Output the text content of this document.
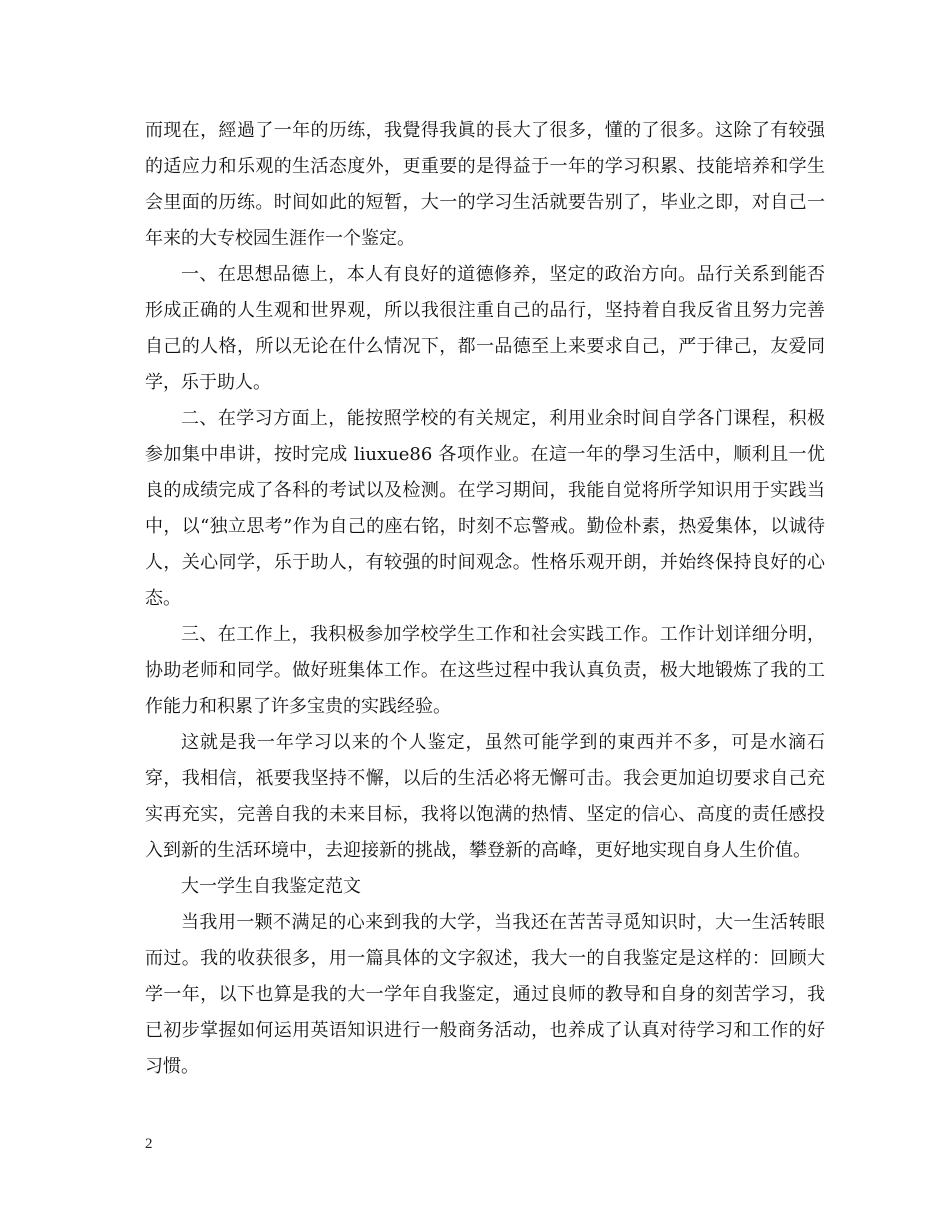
而现在，經過了一年的历练，我覺得我眞的長大了很多，懂的了很多。这除了有较强的适应力和乐观的生活态度外，更重要的是得益于一年的学习积累、技能培养和学生会里面的历练。时间如此的短暂，大一的学习生活就要告别了，毕业之即，对自己一年来的大专校园生涯作一个鉴定。

一、在思想品德上，本人有良好的道德修养，坚定的政治方向。品行关系到能否形成正确的人生观和世界观，所以我很注重自己的品行，坚持着自我反省且努力完善自己的人格，所以无论在什么情况下，都一品德至上来要求自己，严于律己，友爱同学，乐于助人。

二、在学习方面上，能按照学校的有关规定，利用业余时间自学各门课程，积极参加集中串讲，按时完成 liuxue86 各项作业。在這一年的學习生活中，顺利且一优良的成绩完成了各科的考试以及检测。在学习期间，我能自觉将所学知识用于实践当中，以“独立思考”作为自己的座右铭，时刻不忘警戒。勤俭朴素，热爱集体，以诚待人，关心同学，乐于助人，有较强的时间观念。性格乐观开朗，并始终保持良好的心态。

三、在工作上，我积极参加学校学生工作和社会实践工作。工作计划详细分明，协助老师和同学。做好班集体工作。在这些过程中我认真负责，极大地锻炼了我的工作能力和积累了许多宝贵的实践经验。

这就是我一年学习以来的个人鉴定，虽然可能学到的東西并不多，可是水滴石穿，我相信，祇要我坚持不懈，以后的生活必将无懈可击。我会更加迫切要求自己充实再充实，完善自我的未来目标，我将以饱满的热情、坚定的信心、高度的责任感投入到新的生活环境中，去迎接新的挑战，攀登新的高峰，更好地实现自身人生价值。

大一学生自我鉴定范文

当我用一颗不满足的心来到我的大学，当我还在苦苦寻觅知识时，大一生活转眼而过。我的收获很多，用一篇具体的文字叙述，我大一的自我鉴定是这样的：回顾大学一年，以下也算是我的大一学年自我鉴定，通过良师的教导和自身的刻苦学习，我已初步掌握如何运用英语知识进行一般商务活动，也养成了认真对待学习和工作的好习惯。

2
